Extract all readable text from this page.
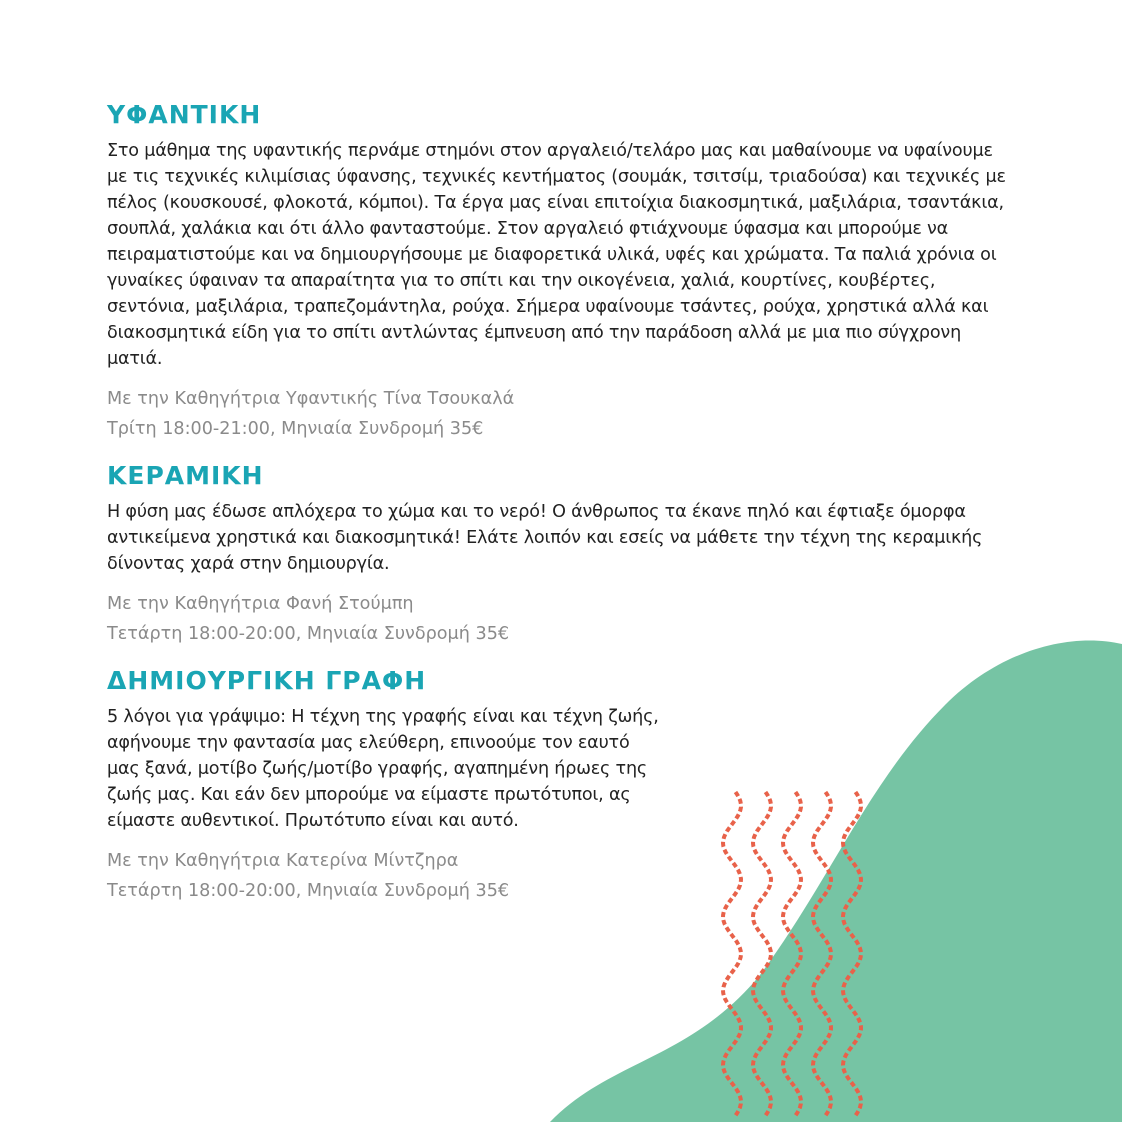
ΥΦΑΝΤΙΚΗ

Στο μάθημα της υφαντικής περνάμε στημόνι στον αργαλειό/τελάρο μας και μαθαίνουμε να υφαίνουμε με τις τεχνικές κιλιμίσιας ύφανσης, τεχνικές κεντήματος (σουμάκ, τσιτσίμ, τριαδούσα) και τεχνικές με πέλος (κουσκουσέ, φλοκοτά, κόμποι). Τα έργα μας είναι επιτοίχια διακοσμητικά, μαξιλάρια, τσαντάκια, σουπλά, χαλάκια και ότι άλλο φανταστούμε. Στον αργαλειό φτιάχνουμε ύφασμα και μπορούμε να πειραματιστούμε και να δημιουργήσουμε με διαφορετικά υλικά, υφές και χρώματα. Τα παλιά χρόνια οι γυναίκες ύφαιναν τα απαραίτητα για το σπίτι και την οικογένεια, χαλιά, κουρτίνες, κουβέρτες, σεντόνια, μαξιλάρια, τραπεζομάντηλα, ρούχα. Σήμερα υφαίνουμε τσάντες, ρούχα, χρηστικά αλλά και διακοσμητικά είδη για το σπίτι αντλώντας έμπνευση από την παράδοση αλλά με μια πιο σύγχρονη ματιά.

Με την Καθηγήτρια Υφαντικής Τίνα Τσουκαλά
Τρίτη 18:00-21:00, Μηνιαία Συνδρομή 35€
ΚΕΡΑΜΙΚΗ

Η φύση μας έδωσε απλόχερα το χώμα και το νερό! Ο άνθρωπος τα έκανε πηλό και έφτιαξε όμορφα αντικείμενα χρηστικά και διακοσμητικά! Ελάτε λοιπόν και εσείς να μάθετε την τέχνη της κεραμικής δίνοντας χαρά στην δημιουργία.

Με την Καθηγήτρια Φανή Στούμπη
Τετάρτη 18:00-20:00, Μηνιαία Συνδρομή 35€
ΔΗΜΙΟΥΡΓΙΚΗ ΓΡΑΦΗ

5 λόγοι για γράψιμο: Η τέχνη της γραφής είναι και τέχνη ζωής, αφήνουμε την φαντασία μας ελεύθερη, επινοούμε τον εαυτό μας ξανά, μοτίβο ζωής/μοτίβο γραφής, αγαπημένη ήρωες της ζωής μας. Και εάν δεν μπορούμε να είμαστε πρωτότυποι, ας είμαστε αυθεντικοί. Πρωτότυπο είναι και αυτό.

Με την Καθηγήτρια Κατερίνα Μίντζηρα
Τετάρτη 18:00-20:00, Μηνιαία Συνδρομή 35€
